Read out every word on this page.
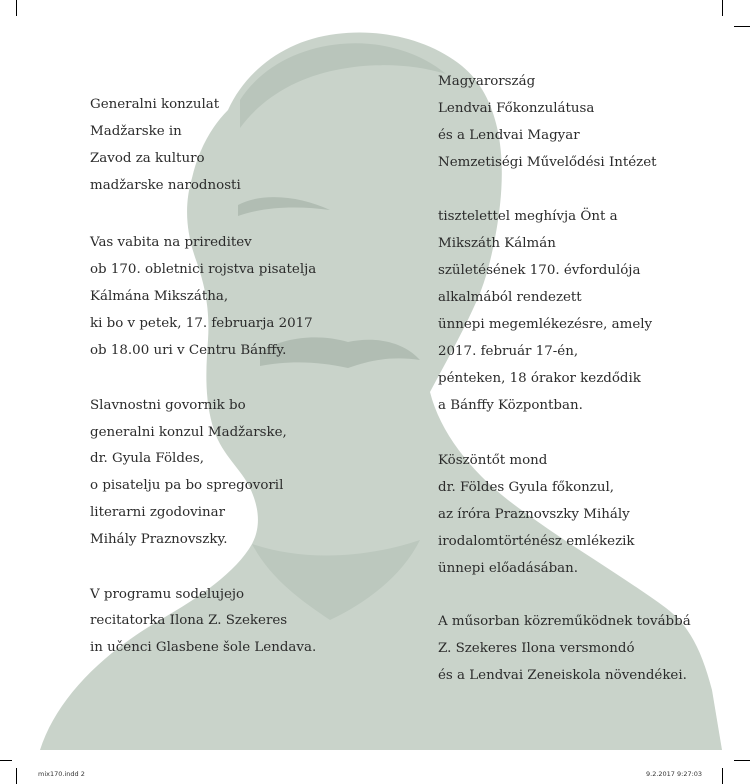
Generalni konzulat
Madžarske in
Zavod za kulturo
madžarske narodnosti
Vas vabita na prireditev
ob 170. obletnici rojstva pisatelja
Kálmána Mikszátha,
ki bo v petek, 17. februarja 2017
ob 18.00 uri v Centru Bánffy.
Slavnostni govornik bo
generalni konzul Madžarske,
dr. Gyula Földes,
o pisatelju pa bo spregovoril
literarni zgodovinar
Mihály Praznovszky.
V programu sodelujejo
recitatorka Ilona Z. Szekeres
in učenci Glasbene šole Lendava.
Magyarország
Lendvai Főkonzulátusa
és a Lendvai Magyar
Nemzetiségi Művelődési Intézet
tisztelettel meghívja Önt a
Mikszáth Kálmán
születésének 170. évfordulója
alkalmából rendezett
ünnepi megemlékezésre, amely
2017. február 17-én,
pénteken, 18 órakor kezdődik
a Bánffy Központban.
Köszöntőt mond
dr. Földes Gyula főkonzul,
az íróra Praznovszky Mihály
irodalomtörténész emlékezik
ünnepi előadásában.
A műsorban közreműködnek továbbá
Z. Szekeres Ilona versmondó
és a Lendvai Zeneiskola növendékei.
mix170.indd 2	9.2.2017 9:27:03
